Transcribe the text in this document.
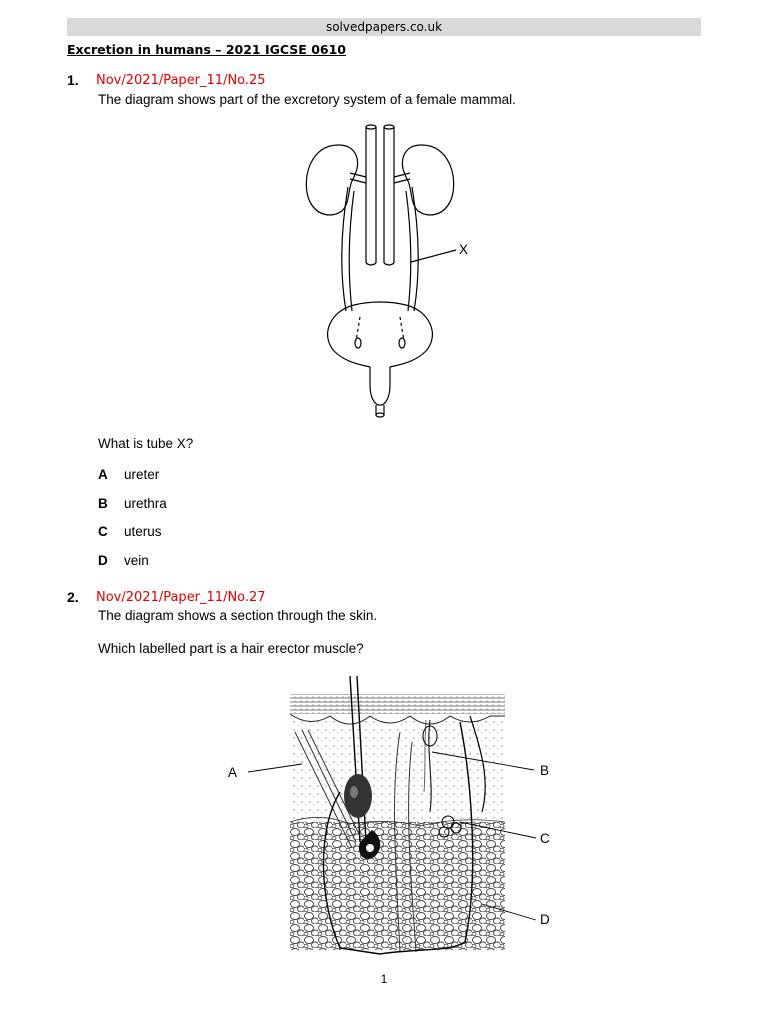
solvedpapers.co.uk
Excretion in humans – 2021 IGCSE 0610
1. Nov/2021/Paper_11/No.25
The diagram shows part of the excretory system of a female mammal.
X
What is tube X?
A ureter
B urethra
C uterus
D vein
2. Nov/2021/Paper_11/No.27
The diagram shows a section through the skin.
Which labelled part is a hair erector muscle?
A	B
C
D
1
